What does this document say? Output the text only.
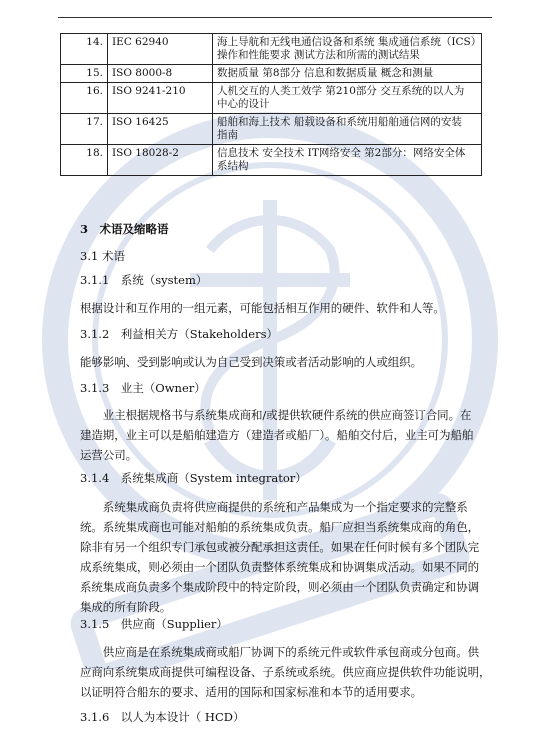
14.	IEC 62940	海上导航和无线电通信设备和系统 集成通信系统（ICS）
操作和性能要求 测试方法和所需的测试结果

15.	ISO 8000-8	数据质量 第8部分 信息和数据质量 概念和测量

16.	ISO 9241-210	人机交互的人类工效学 第210部分 交互系统的以人为
中心的设计

17.	ISO 16425	船舶和海上技术 船载设备和系统用船舶通信网的安装
指南

18.	ISO 18028-2	信息技术 安全技术 IT网络安全 第2部分：网络安全体
系结构
3　术语及缩略语
3.1 术语
3.1.1　系统（system）
根据设计和互作用的一组元素，可能包括相互作用的硬件、软件和人等。
3.1.2　利益相关方（Stakeholders）
能够影响、受到影响或认为自己受到决策或者活动影响的人或组织。
3.1.3　业主（Owner）
　　业主根据规格书与系统集成商和/或提供软硬件系统的供应商签订合同。在
建造期，业主可以是船舶建造方（建造者或船厂）。船舶交付后，业主可为船舶
运营公司。
3.1.4　系统集成商（System integrator）
　　系统集成商负责将供应商提供的系统和产品集成为一个指定要求的完整系
统。系统集成商也可能对船舶的系统集成负责。船厂应担当系统集成商的角色，
除非有另一个组织专门承包或被分配承担这责任。如果在任何时候有多个团队完
成系统集成，则必须由一个团队负责整体系统集成和协调集成活动。如果不同的
系统集成商负责多个集成阶段中的特定阶段，则必须由一个团队负责确定和协调
集成的所有阶段。
3.1.5　供应商（Supplier）
　　供应商是在系统集成商或船厂协调下的系统元件或软件承包商或分包商。供
应商向系统集成商提供可编程设备、子系统或系统。供应商应提供软件功能说明，
以证明符合船东的要求、适用的国际和国家标准和本节的适用要求。
3.1.6　以人为本设计（ HCD）
